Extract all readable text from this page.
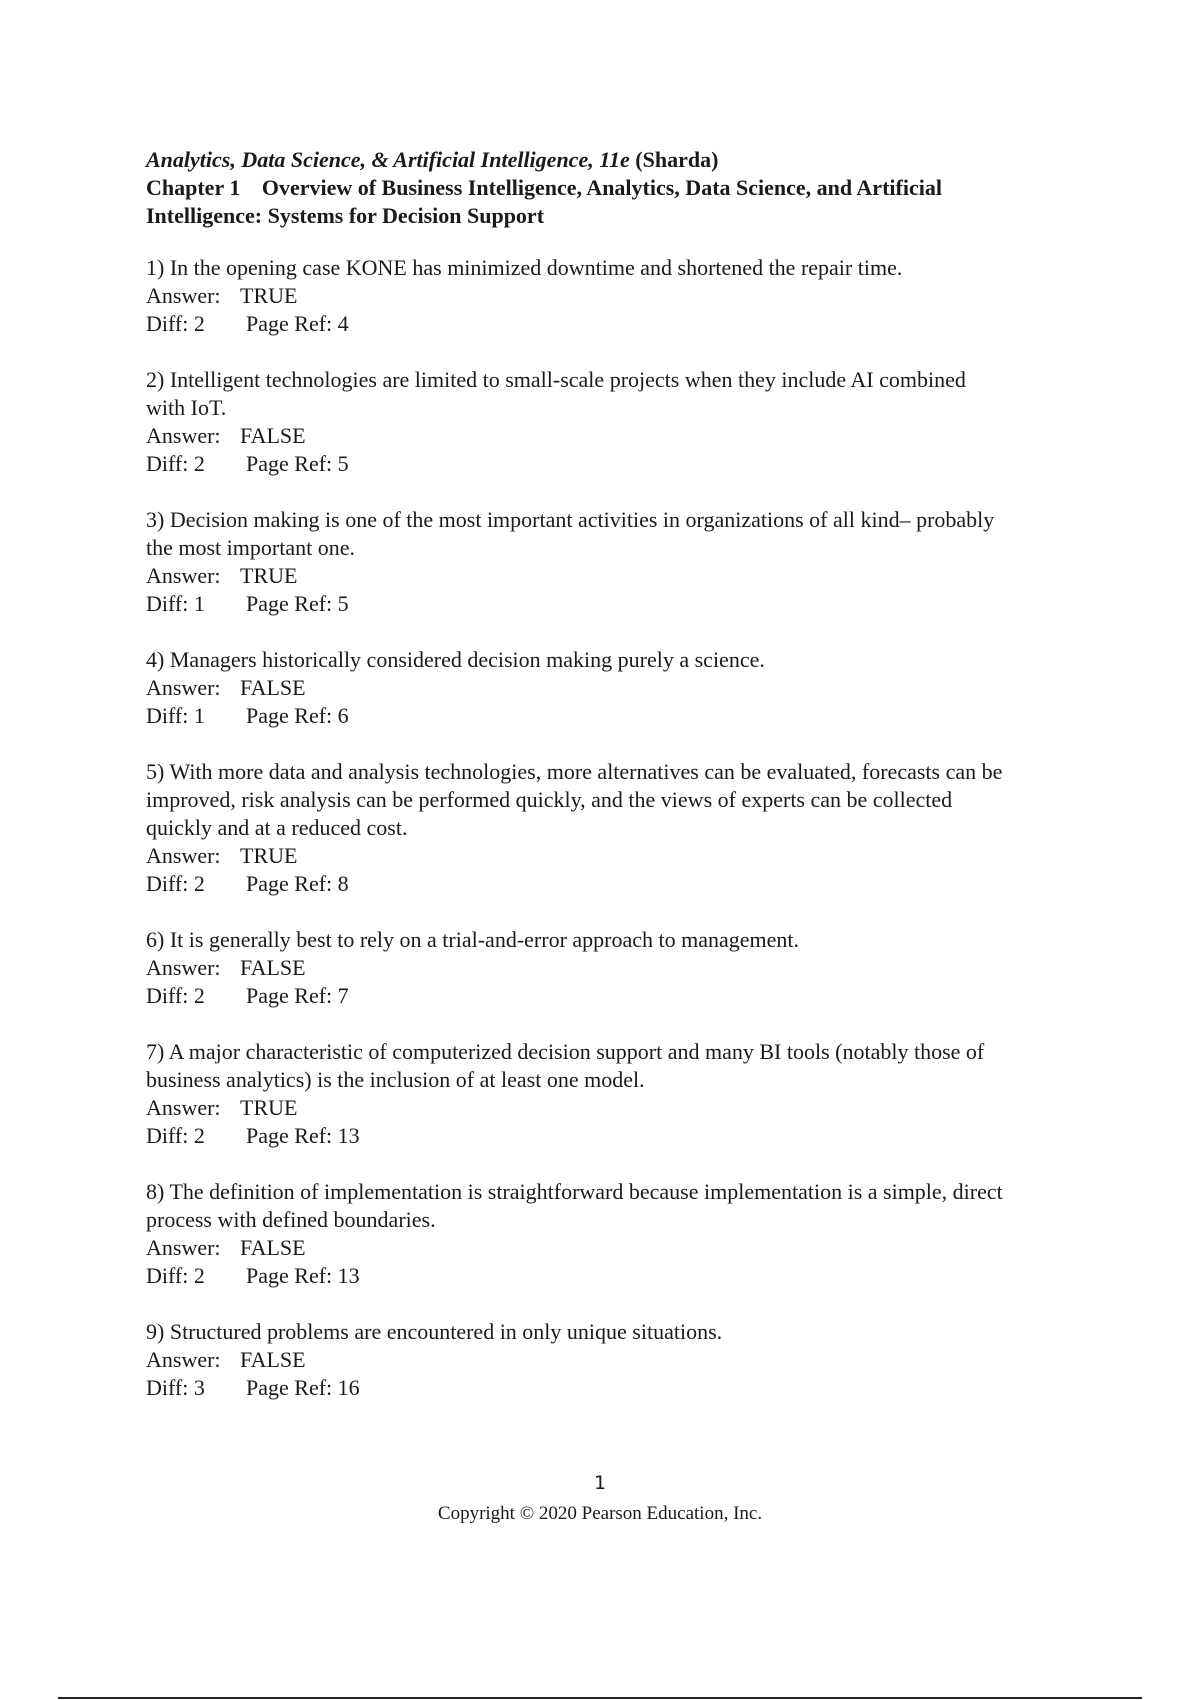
Analytics, Data Science, & Artificial Intelligence, 11e (Sharda)
Chapter 1 Overview of Business Intelligence, Analytics, Data Science, and Artificial
Intelligence: Systems for Decision Support
1) In the opening case KONE has minimized downtime and shortened the repair time.
Answer: TRUE
Diff: 2 Page Ref: 4
2) Intelligent technologies are limited to small-scale projects when they include AI combined
with IoT.
Answer: FALSE
Diff: 2 Page Ref: 5
3) Decision making is one of the most important activities in organizations of all kind– probably
the most important one.
Answer: TRUE
Diff: 1 Page Ref: 5
4) Managers historically considered decision making purely a science.
Answer: FALSE
Diff: 1 Page Ref: 6
5) With more data and analysis technologies, more alternatives can be evaluated, forecasts can be
improved, risk analysis can be performed quickly, and the views of experts can be collected
quickly and at a reduced cost.
Answer: TRUE
Diff: 2 Page Ref: 8
6) It is generally best to rely on a trial-and-error approach to management.
Answer: FALSE
Diff: 2 Page Ref: 7
7) A major characteristic of computerized decision support and many BI tools (notably those of
business analytics) is the inclusion of at least one model.
Answer: TRUE
Diff: 2 Page Ref: 13
8) The definition of implementation is straightforward because implementation is a simple, direct
process with defined boundaries.
Answer: FALSE
Diff: 2 Page Ref: 13
9) Structured problems are encountered in only unique situations.
Answer: FALSE
Diff: 3 Page Ref: 16
1
Copyright © 2020 Pearson Education, Inc.
